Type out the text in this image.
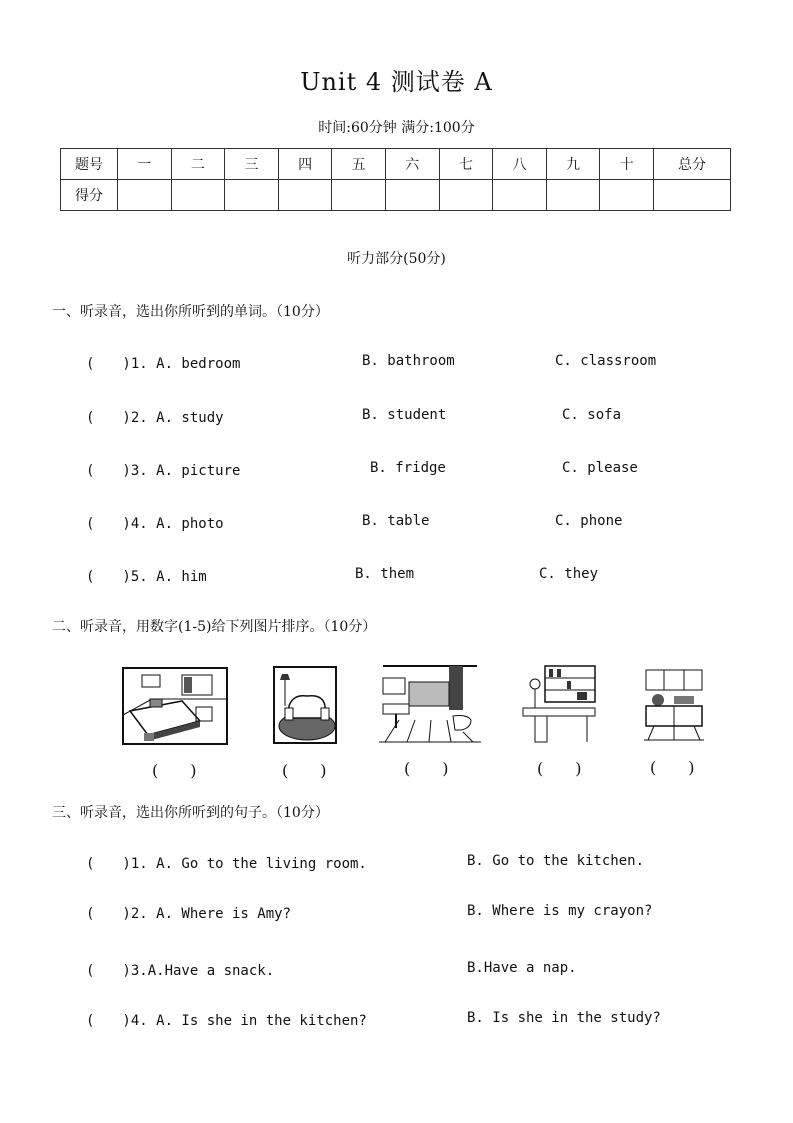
Unit 4 测试卷 A
时间:60分钟 满分:100分
题号	一	二	三	四	五	六	七	八	九	十	总分
得分											
听力部分(50分)
一、听录音，选出你所听到的单词。（10分）
(　　)1. A. bedroom	B. bathroom	C. classroom
(　　)2. A. study	B. student	C. sofa
(　　)3. A. picture	B. fridge	C. please
(　　)4. A. photo	B. table	C. phone
(　　)5. A. him	B. them	C. they
二、听录音，用数字(1-5)给下列图片排序。（10分）
(　　)	(　　)	(　　)	(　　)	(　　)
三、听录音，选出你所听到的句子。（10分）
(　　)1. A. Go to the living room.	B. Go to the kitchen.
(　　)2. A. Where is Amy?	B. Where is my crayon?
(　　)3.A.Have a snack.	B.Have a nap.
(　　)4. A. Is she in the kitchen?	B. Is she in the study?
